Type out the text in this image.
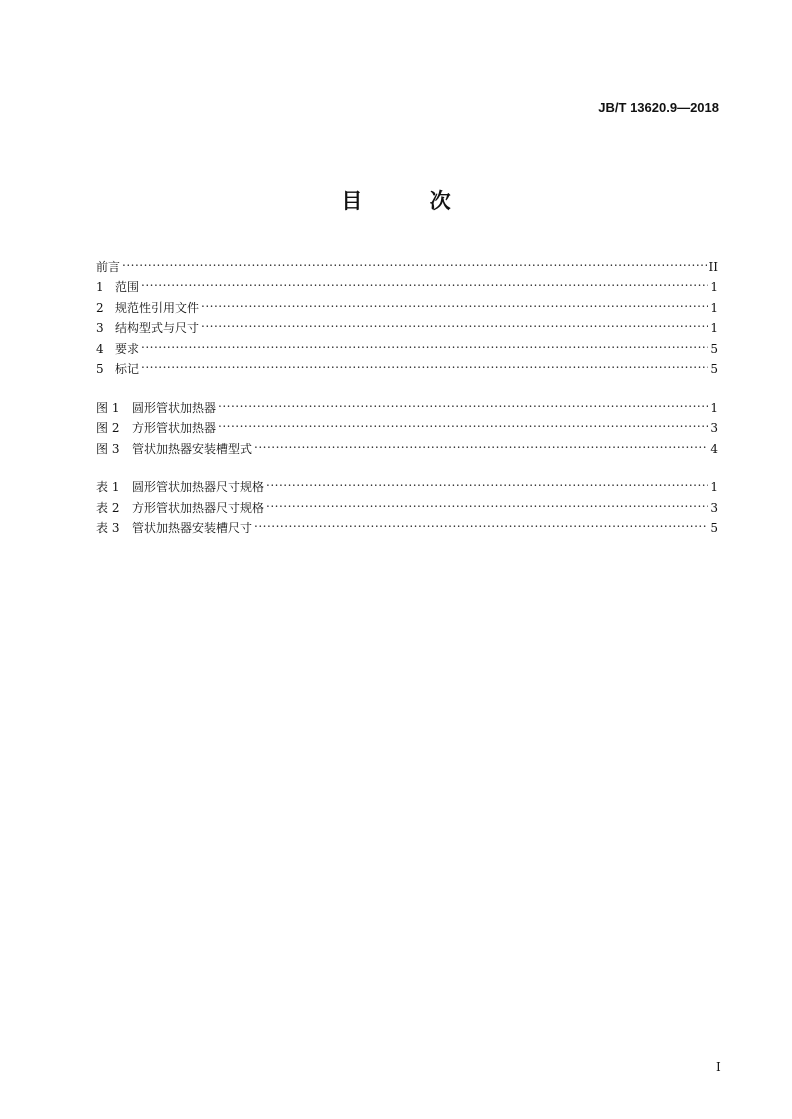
JB/T 13620.9—2018
目 次
前言 .....	II
1 范围 .....	1
2 规范性引用文件 .....	1
3 结构型式与尺寸 .....	1
4 要求 .....	5
5 标记 .....	5
图 1	圆形管状加热器 .....	1
图 2	方形管状加热器 .....	3
图 3	管状加热器安装槽型式 .....	4
表 1	圆形管状加热器尺寸规格 .....	1
表 2	方形管状加热器尺寸规格 .....	3
表 3	管状加热器安装槽尺寸 .....	5
I
